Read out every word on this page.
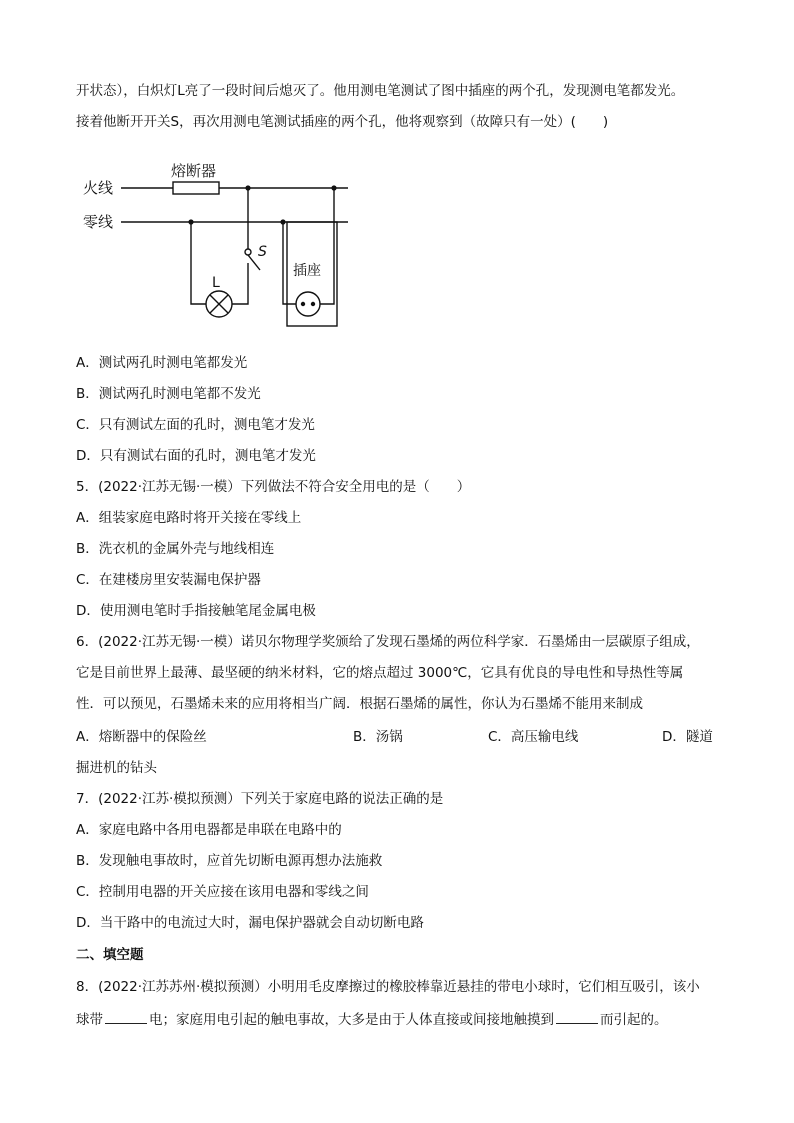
开状态），白炽灯L亮了一段时间后熄灭了。他用测电笔测试了图中插座的两个孔，发现测电笔都发光。
接着他断开开关S，再次用测电笔测试插座的两个孔，他将观察到（故障只有一处）(　　)
火线
零线
熔断器
L
S
插座
A．测试两孔时测电笔都发光
B．测试两孔时测电笔都不发光
C．只有测试左面的孔时，测电笔才发光
D．只有测试右面的孔时，测电笔才发光
5．(2022·江苏无锡·一模）下列做法不符合安全用电的是（　　）
A．组装家庭电路时将开关接在零线上
B．洗衣机的金属外壳与地线相连
C．在建楼房里安装漏电保护器
D．使用测电笔时手指接触笔尾金属电极
6．(2022·江苏无锡·一模）诺贝尔物理学奖颁给了发现石墨烯的两位科学家．石墨烯由一层碳原子组成，
它是目前世界上最薄、最坚硬的纳米材料，它的熔点超过 3000℃，它具有优良的导电性和导热性等属
性．可以预见，石墨烯未来的应用将相当广阔．根据石墨烯的属性，你认为石墨烯不能用来制成
A．熔断器中的保险丝	B．汤锅	C．高压输电线	D．隧道
掘进机的钻头
7．(2022·江苏·模拟预测）下列关于家庭电路的说法正确的是
A．家庭电路中各用电器都是串联在电路中的
B．发现触电事故时，应首先切断电源再想办法施救
C．控制用电器的开关应接在该用电器和零线之间
D．当干路中的电流过大时，漏电保护器就会自动切断电路
二、填空题
8．(2022·江苏苏州·模拟预测）小明用毛皮摩擦过的橡胶棒靠近悬挂的带电小球时，它们相互吸引，该小
球带	电；家庭用电引起的触电事故，大多是由于人体直接或间接地触摸到	而引起的。
